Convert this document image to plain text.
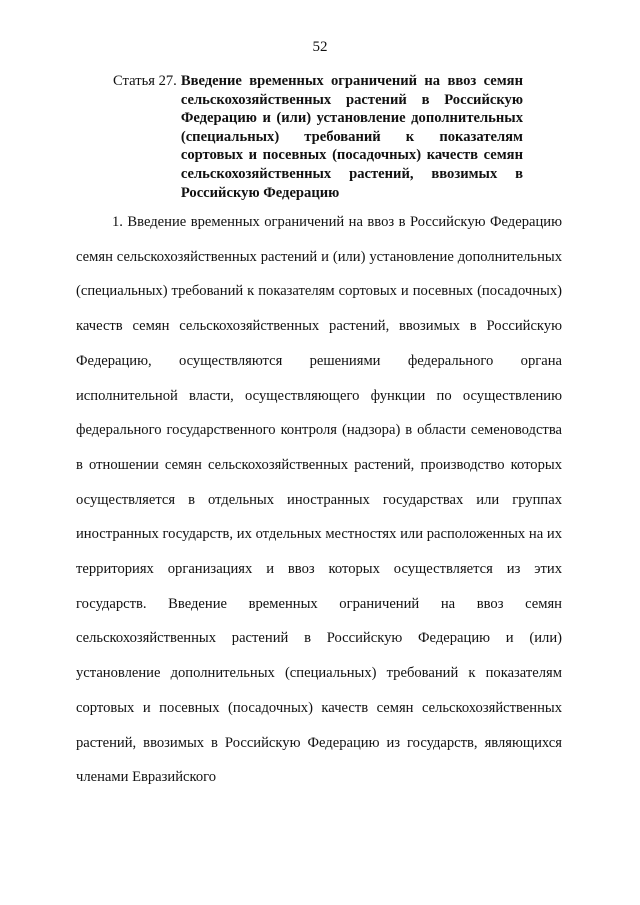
52
Статья 27. Введение временных ограничений на ввоз семян сельскохозяйственных растений в Российскую Федерацию и (или) установление дополнительных (специальных) требований к показателям сортовых и посевных (посадочных) качеств семян сельскохозяйственных растений, ввозимых в Российскую Федерацию

1. Введение временных ограничений на ввоз в Российскую Федерацию семян сельскохозяйственных растений и (или) установление дополнительных (специальных) требований к показателям сортовых и посевных (посадочных) качеств семян сельскохозяйственных растений, ввозимых в Российскую Федерацию, осуществляются решениями федерального органа исполнительной власти, осуществляющего функции по осуществлению федерального государственного контроля (надзора) в области семеноводства в отношении семян сельскохозяйственных растений, производство которых осуществляется в отдельных иностранных государствах или группах иностранных государств, их отдельных местностях или расположенных на их территориях организациях и ввоз которых осуществляется из этих государств. Введение временных ограничений на ввоз семян сельскохозяйственных растений в Российскую Федерацию и (или) установление дополнительных (специальных) требований к показателям сортовых и посевных (посадочных) качеств семян сельскохозяйственных растений, ввозимых в Российскую Федерацию из государств, являющихся членами Евразийского
